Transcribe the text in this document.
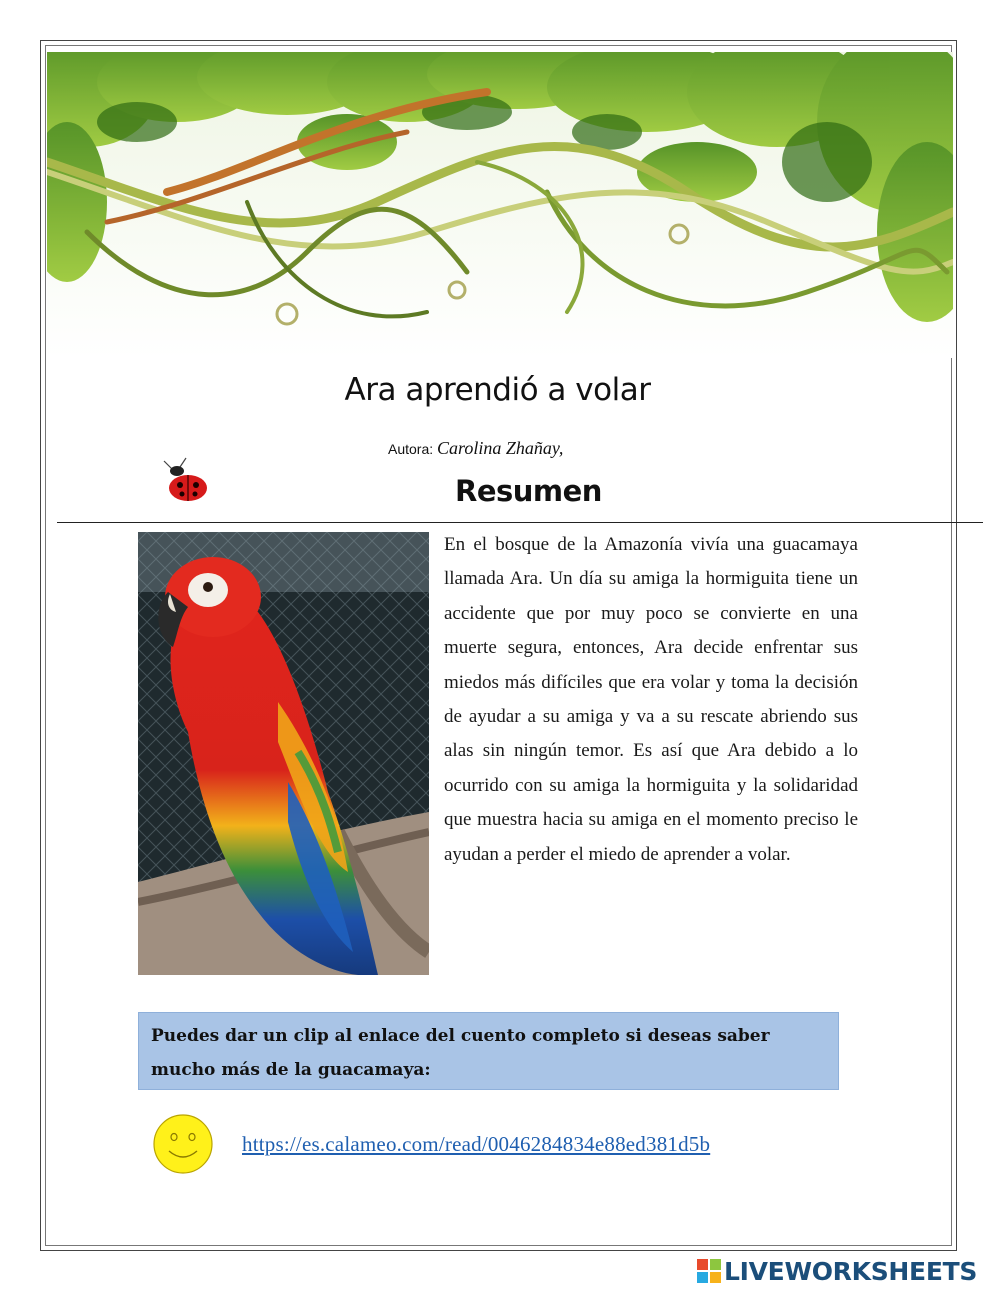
Ara aprendió a volar
Autora: Carolina Zhañay,
Resumen
En el bosque de la Amazonía vivía una guacamaya llamada Ara. Un día su amiga la hormiguita tiene un accidente que por muy poco se convierte en una muerte segura, entonces, Ara decide enfrentar sus miedos más difíciles que era volar y toma la decisión de ayudar a su amiga y va a su rescate abriendo sus alas sin ningún temor. Es así que Ara debido a lo ocurrido con su amiga la hormiguita y la solidaridad que muestra hacia su amiga en el momento preciso le ayudan a perder el miedo de aprender a volar.
Puedes dar un clip al enlace del cuento completo si deseas saber mucho más de la guacamaya:
https://es.calameo.com/read/0046284834e88ed381d5b
LIVEWORKSHEETS
